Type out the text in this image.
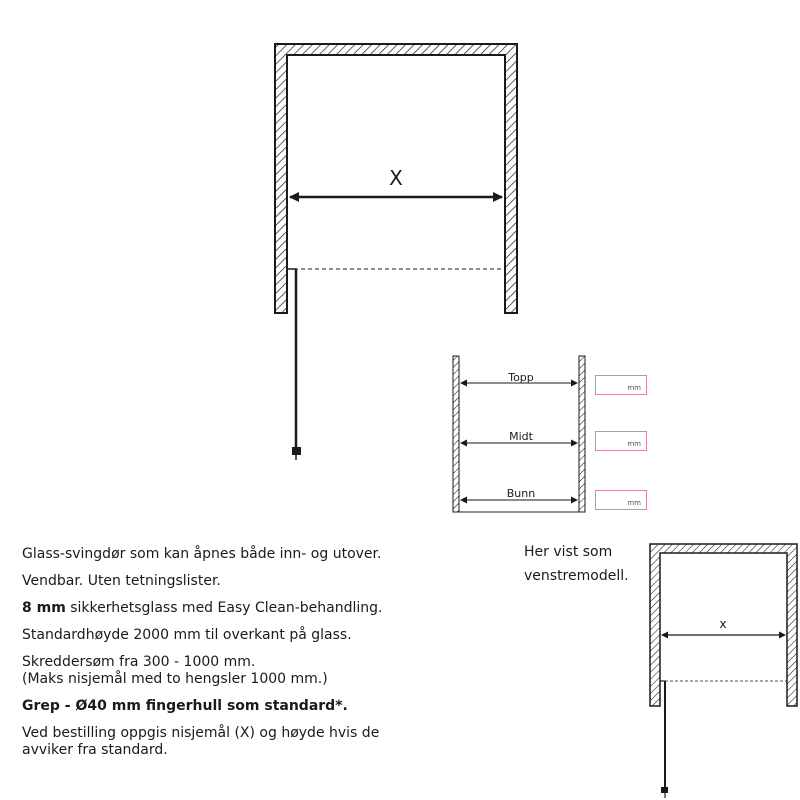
X
Topp
Midt
Bunn
x
mm
mm
mm
Her vist som
venstremodell.

Glass-svingdør som kan åpnes både inn- og utover.

Vendbar. Uten tetningslister.

8 mm sikkerhetsglass med Easy Clean-behandling.

Standardhøyde 2000 mm til overkant på glass.

Skreddersøm fra 300 - 1000 mm.
(Maks nisjemål med to hengsler 1000 mm.)

Grep - Ø40 mm fingerhull som standard*.

Ved bestilling oppgis nisjemål (X) og høyde hvis de
avviker fra standard.
